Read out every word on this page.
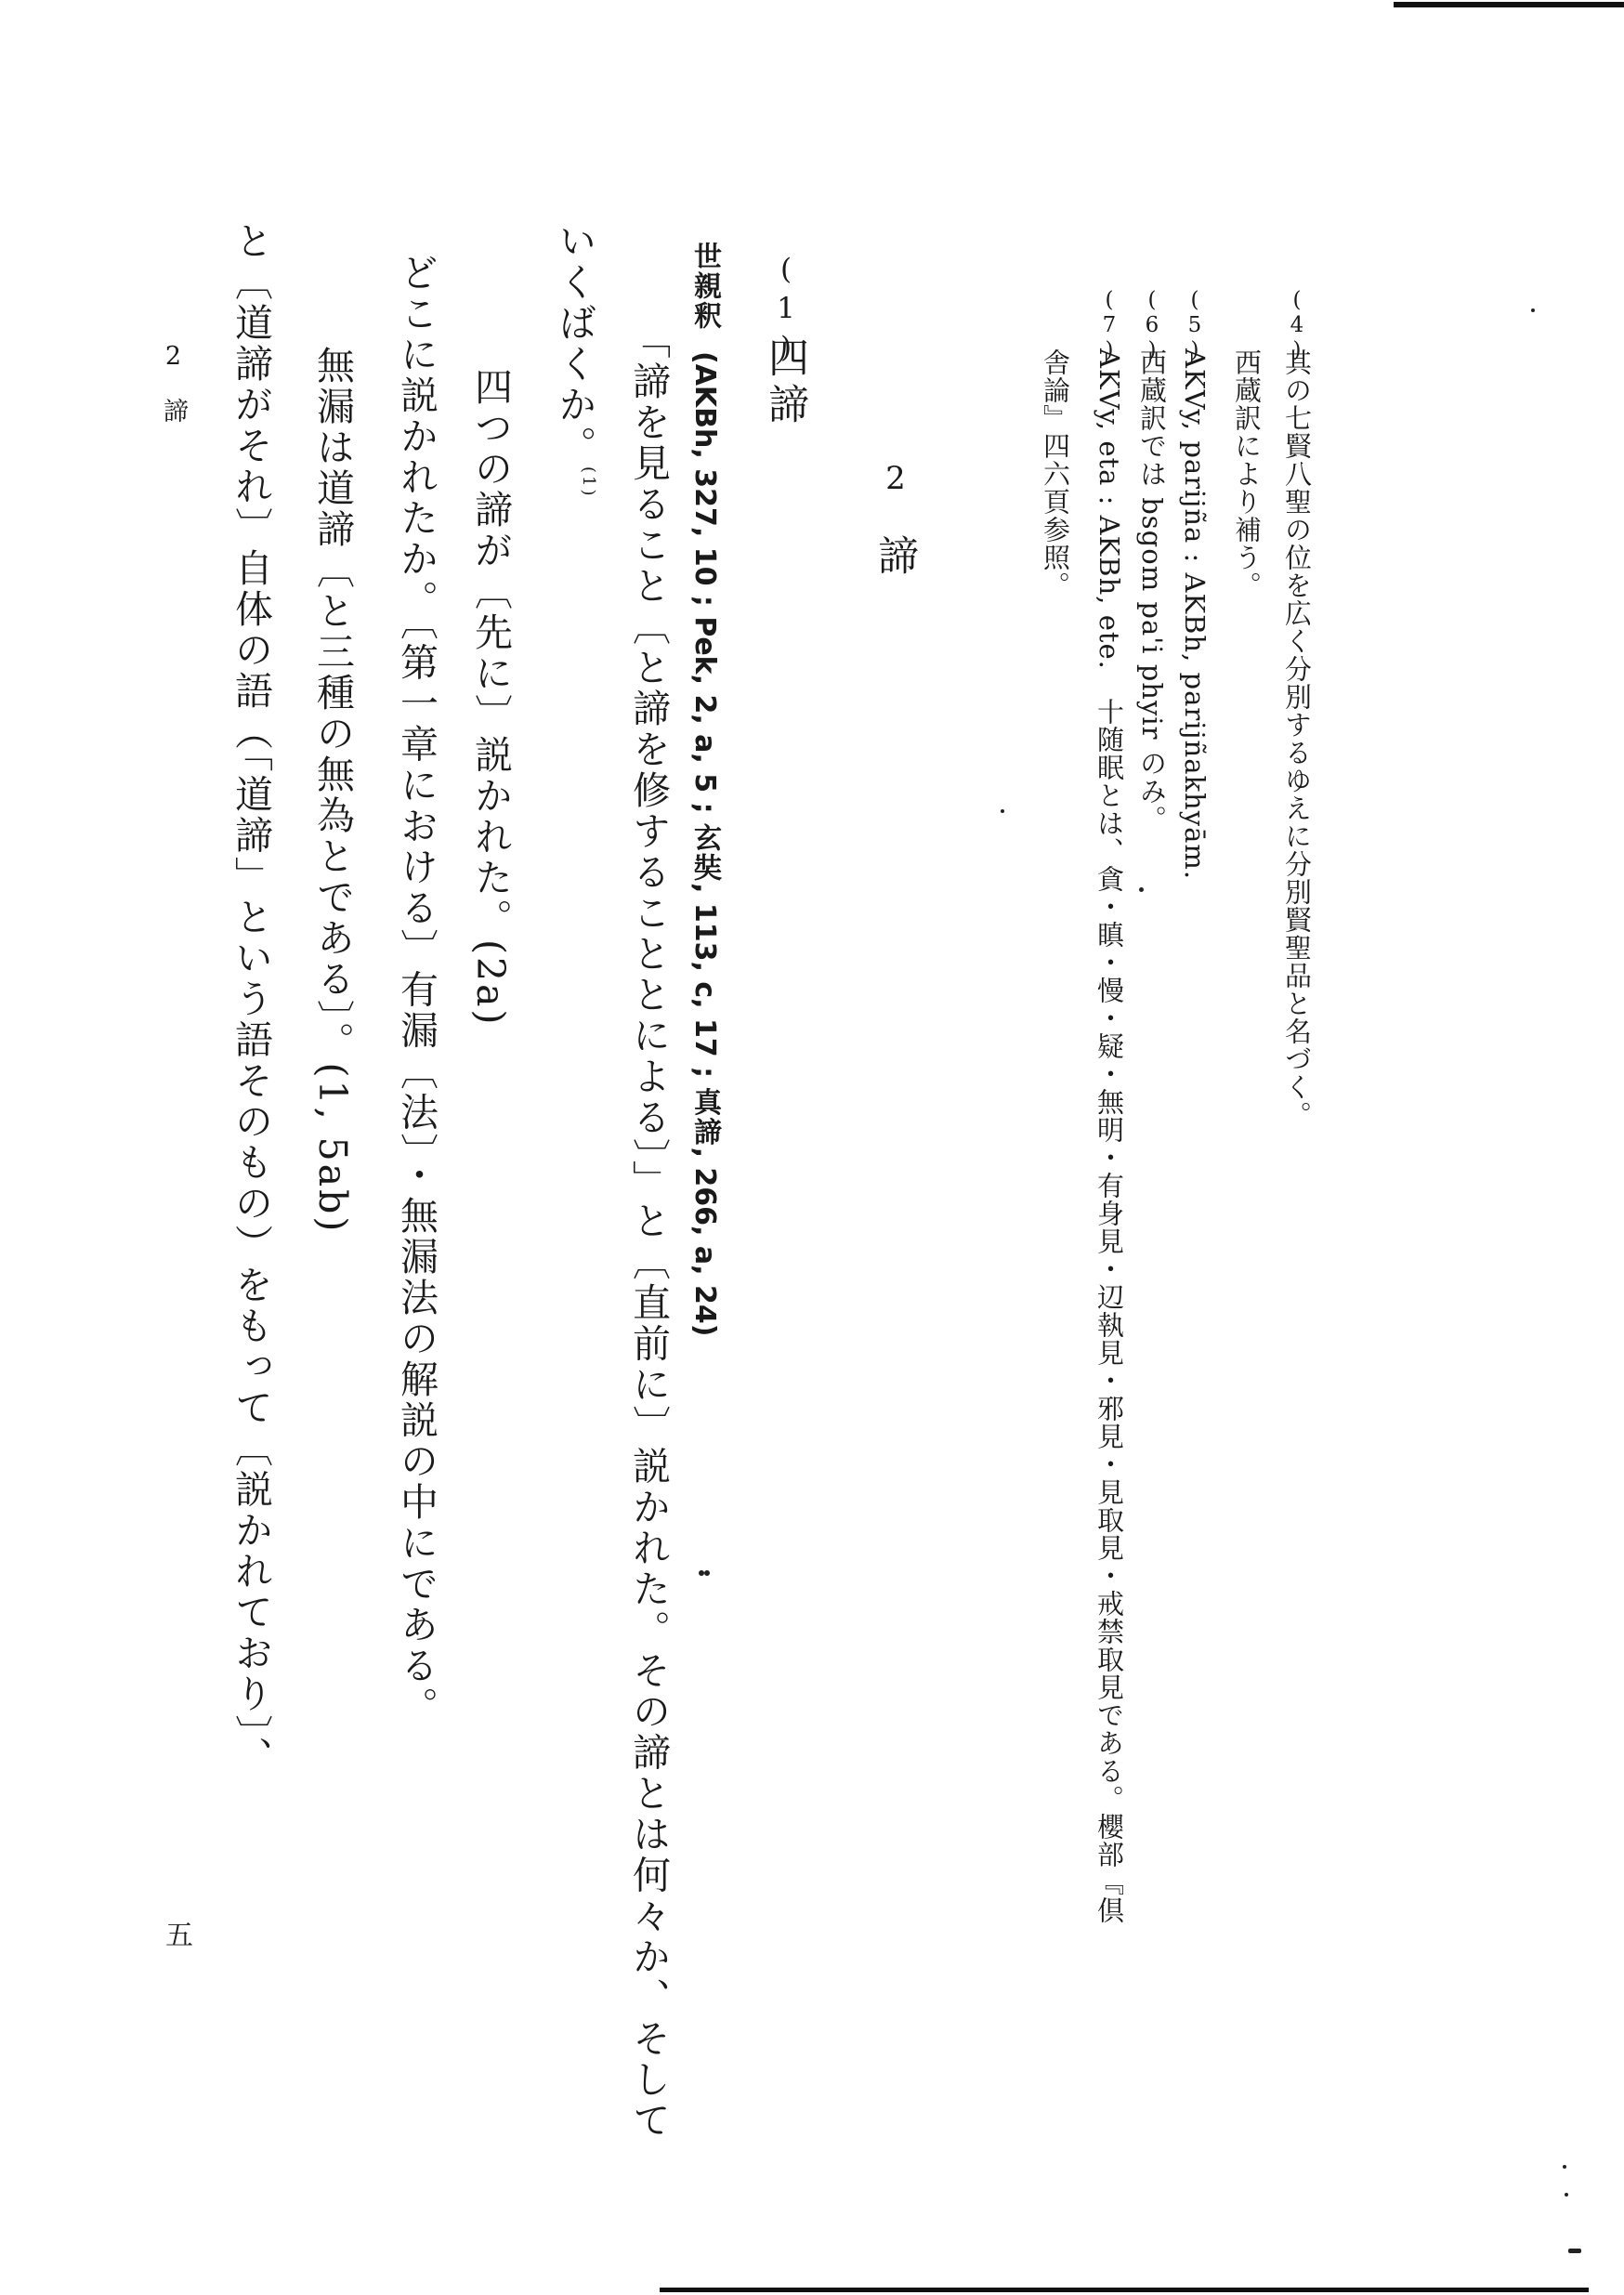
(4)
其の七賢八聖の位を広く分別するゆえに分別賢聖品と名づく。
西蔵訳により補う。
(5)
AKVy, parijña : AKBh, parijñakhyām.
(6)
西蔵訳では bsgom pa'i phyir のみ。
(7)
AKVy, eta : AKBh, ete.　十随眠とは、貪・瞋・慢・疑・無明・有身見・辺執見・邪見・見取見・戒禁取見である。櫻部『倶
舎論』四六頁参照。
2
諦
(1)
四諦
世親釈(AKBh, 327, 10 ; Pek, 2, a, 5 ; 玄奘, 113, c, 17 ; 真諦, 266, a, 24)
「諦を見ること〔と諦を修することとによる〕」と〔直前に〕説かれた。その諦とは何々か、そして
いくばくか。$^{(1)}$
四つの諦が〔先に〕説かれた。(2a)
どこに説かれたか。〔第一章における〕有漏〔法〕・無漏法の解説の中にである。
無漏は道諦〔と三種の無為とである〕。(1, 5ab)
と〔道諦がそれ〕自体の語（「道諦」という語そのもの）をもって〔説かれており〕、
2
諦
五
